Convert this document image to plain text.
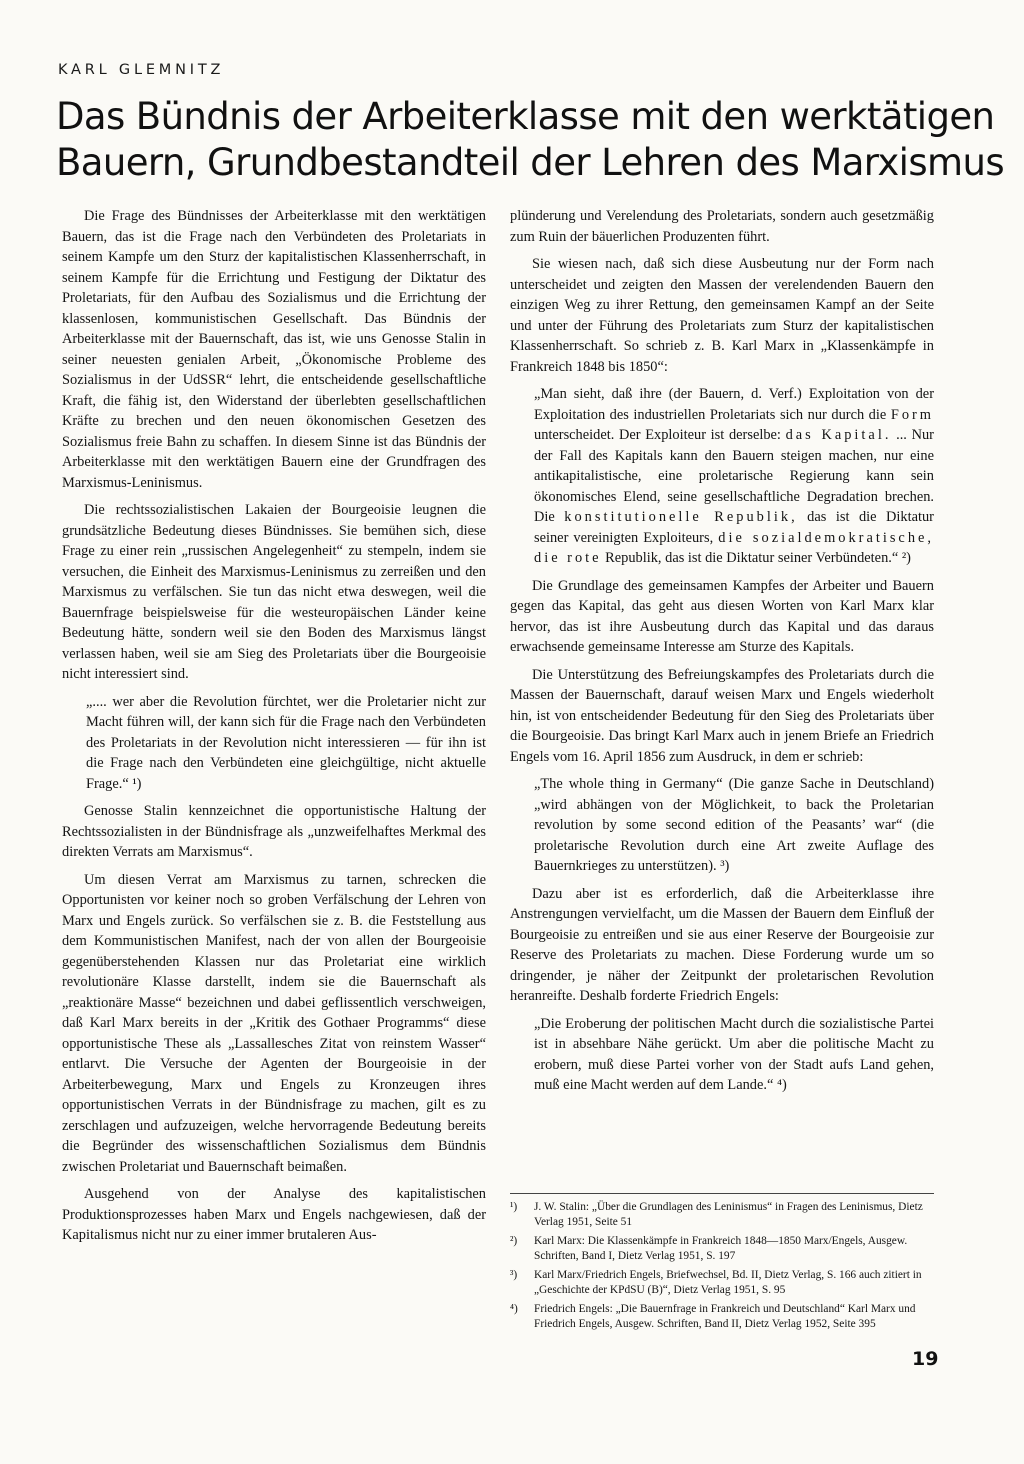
KARL GLEMNITZ
Das Bündnis der Arbeiterklasse mit den werktätigen
Bauern, Grundbestandteil der Lehren des Marxismus

Die Frage des Bündnisses der Arbeiterklasse mit den werktätigen Bauern, das ist die Frage nach den Verbündeten des Proletariats in seinem Kampfe um den Sturz der kapitalistischen Klassenherrschaft, in seinem Kampfe für die Errichtung und Festigung der Diktatur des Proletariats, für den Aufbau des Sozialismus und die Errichtung der klassenlosen, kommunistischen Gesellschaft. Das Bündnis der Arbeiterklasse mit der Bauernschaft, das ist, wie uns Genosse Stalin in seiner neuesten genialen Arbeit, „Ökonomische Probleme des Sozialismus in der UdSSR“ lehrt, die entscheidende gesellschaftliche Kraft, die fähig ist, den Widerstand der überlebten gesellschaftlichen Kräfte zu brechen und den neuen ökonomischen Gesetzen des Sozialismus freie Bahn zu schaffen. In diesem Sinne ist das Bündnis der Arbeiterklasse mit den werktätigen Bauern eine der Grundfragen des Marxismus-Leninismus.

Die rechtssozialistischen Lakaien der Bourgeoisie leugnen die grundsätzliche Bedeutung dieses Bündnisses. Sie bemühen sich, diese Frage zu einer rein „russischen Angelegenheit“ zu stempeln, indem sie versuchen, die Einheit des Marxismus-Leninismus zu zerreißen und den Marxismus zu verfälschen. Sie tun das nicht etwa deswegen, weil die Bauernfrage beispielsweise für die westeuropäischen Länder keine Bedeutung hätte, sondern weil sie den Boden des Marxismus längst verlassen haben, weil sie am Sieg des Proletariats über die Bourgeoisie nicht interessiert sind.

„.... wer aber die Revolution fürchtet, wer die Proletarier nicht zur Macht führen will, der kann sich für die Frage nach den Verbündeten des Proletariats in der Revolution nicht interessieren — für ihn ist die Frage nach den Verbündeten eine gleichgültige, nicht aktuelle Frage.“ ¹)

Genosse Stalin kennzeichnet die opportunistische Haltung der Rechtssozialisten in der Bündnisfrage als „unzweifelhaftes Merkmal des direkten Verrats am Marxismus“.

Um diesen Verrat am Marxismus zu tarnen, schrecken die Opportunisten vor keiner noch so groben Verfälschung der Lehren von Marx und Engels zurück. So verfälschen sie z. B. die Feststellung aus dem Kommunistischen Manifest, nach der von allen der Bourgeoisie gegenüberstehenden Klassen nur das Proletariat eine wirklich revolutionäre Klasse darstellt, indem sie die Bauernschaft als „reaktionäre Masse“ bezeichnen und dabei geflissentlich verschweigen, daß Karl Marx bereits in der „Kritik des Gothaer Programms“ diese opportunistische These als „Lassallesches Zitat von reinstem Wasser“ entlarvt. Die Versuche der Agenten der Bourgeoisie in der Arbeiterbewegung, Marx und Engels zu Kronzeugen ihres opportunistischen Verrats in der Bündnisfrage zu machen, gilt es zu zerschlagen und aufzuzeigen, welche hervorragende Bedeutung bereits die Begründer des wissenschaftlichen Sozialismus dem Bündnis zwischen Proletariat und Bauernschaft beimaßen.

Ausgehend von der Analyse des kapitalistischen Produktionsprozesses haben Marx und Engels nachgewiesen, daß der Kapitalismus nicht nur zu einer immer brutaleren Aus-

plünderung und Verelendung des Proletariats, sondern auch gesetzmäßig zum Ruin der bäuerlichen Produzenten führt.

Sie wiesen nach, daß sich diese Ausbeutung nur der Form nach unterscheidet und zeigten den Massen der verelendenden Bauern den einzigen Weg zu ihrer Rettung, den gemeinsamen Kampf an der Seite und unter der Führung des Proletariats zum Sturz der kapitalistischen Klassenherrschaft. So schrieb z. B. Karl Marx in „Klassenkämpfe in Frankreich 1848 bis 1850“:

„Man sieht, daß ihre (der Bauern, d. Verf.) Exploitation von der Exploitation des industriellen Proletariats sich nur durch die Form unterscheidet. Der Exploiteur ist derselbe: das Kapital. ... Nur der Fall des Kapitals kann den Bauern steigen machen, nur eine antikapitalistische, eine proletarische Regierung kann sein ökonomisches Elend, seine gesellschaftliche Degradation brechen. Die konstitutionelle Republik, das ist die Diktatur seiner vereinigten Exploiteurs, die sozialdemokratische, die rote Republik, das ist die Diktatur seiner Verbündeten.“ ²)

Die Grundlage des gemeinsamen Kampfes der Arbeiter und Bauern gegen das Kapital, das geht aus diesen Worten von Karl Marx klar hervor, das ist ihre Ausbeutung durch das Kapital und das daraus erwachsende gemeinsame Interesse am Sturze des Kapitals.

Die Unterstützung des Befreiungskampfes des Proletariats durch die Massen der Bauernschaft, darauf weisen Marx und Engels wiederholt hin, ist von entscheidender Bedeutung für den Sieg des Proletariats über die Bourgeoisie. Das bringt Karl Marx auch in jenem Briefe an Friedrich Engels vom 16. April 1856 zum Ausdruck, in dem er schrieb:

„The whole thing in Germany“ (Die ganze Sache in Deutschland) „wird abhängen von der Möglichkeit, to back the Proletarian revolution by some second edition of the Peasants’ war“ (die proletarische Revolution durch eine Art zweite Auflage des Bauernkrieges zu unterstützen). ³)

Dazu aber ist es erforderlich, daß die Arbeiterklasse ihre Anstrengungen vervielfacht, um die Massen der Bauern dem Einfluß der Bourgeoisie zu entreißen und sie aus einer Reserve der Bourgeoisie zur Reserve des Proletariats zu machen. Diese Forderung wurde um so dringender, je näher der Zeitpunkt der proletarischen Revolution heranreifte. Deshalb forderte Friedrich Engels:

„Die Eroberung der politischen Macht durch die sozialistische Partei ist in absehbare Nähe gerückt. Um aber die politische Macht zu erobern, muß diese Partei vorher von der Stadt aufs Land gehen, muß eine Macht werden auf dem Lande.“ ⁴)

¹) J. W. Stalin: „Über die Grundlagen des Leninismus“ in Fragen des Leninismus, Dietz Verlag 1951, Seite 51
²) Karl Marx: Die Klassenkämpfe in Frankreich 1848—1850 Marx/Engels, Ausgew. Schriften, Band I, Dietz Verlag 1951, S. 197
³) Karl Marx/Friedrich Engels, Briefwechsel, Bd. II, Dietz Verlag, S. 166 auch zitiert in „Geschichte der KPdSU (B)“, Dietz Verlag 1951, S. 95
⁴) Friedrich Engels: „Die Bauernfrage in Frankreich und Deutschland“ Karl Marx und Friedrich Engels, Ausgew. Schriften, Band II, Dietz Verlag 1952, Seite 395
19
